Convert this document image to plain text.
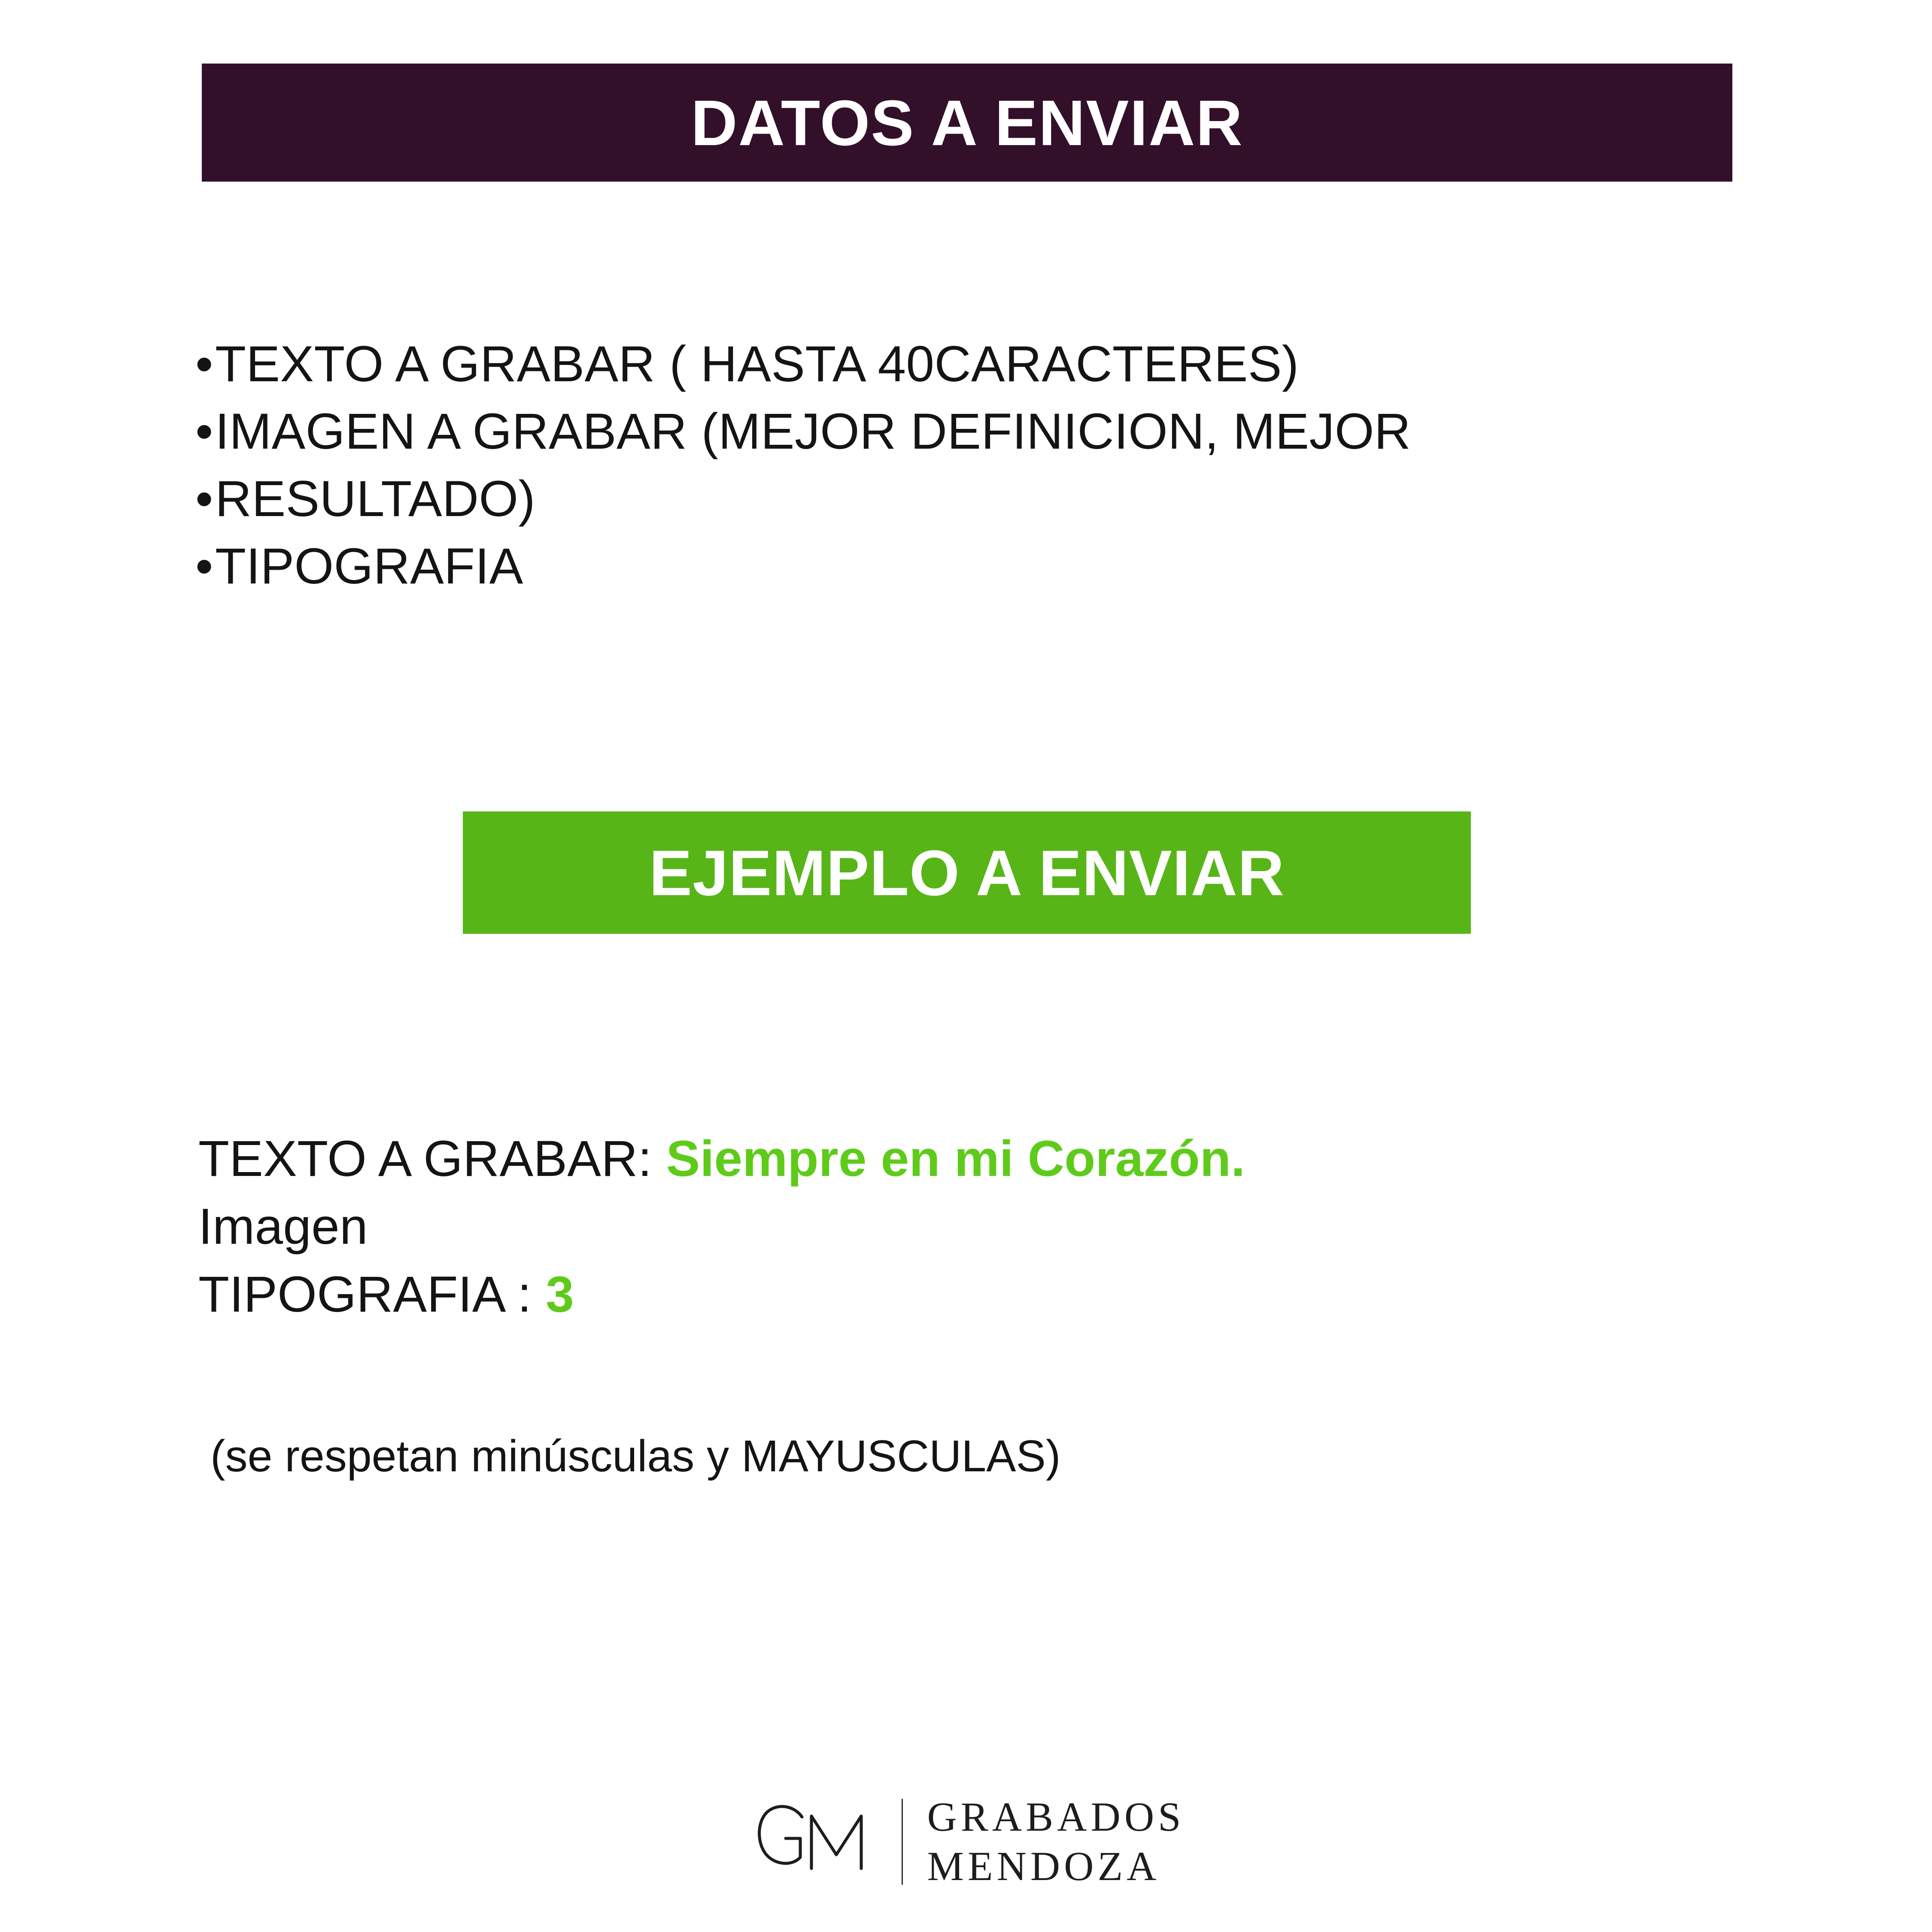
DATOS A ENVIAR
• TEXTO A GRABAR ( HASTA 40CARACTERES)
• IMAGEN A GRABAR (MEJOR DEFINICION, MEJOR
• RESULTADO)
• TIPOGRAFIA
EJEMPLO A ENVIAR
TEXTO A GRABAR: Siempre en mi Corazón.
Imagen
TIPOGRAFIA : 3
(se respetan minúsculas y MAYUSCULAS)
GRABADOS
MENDOZA
